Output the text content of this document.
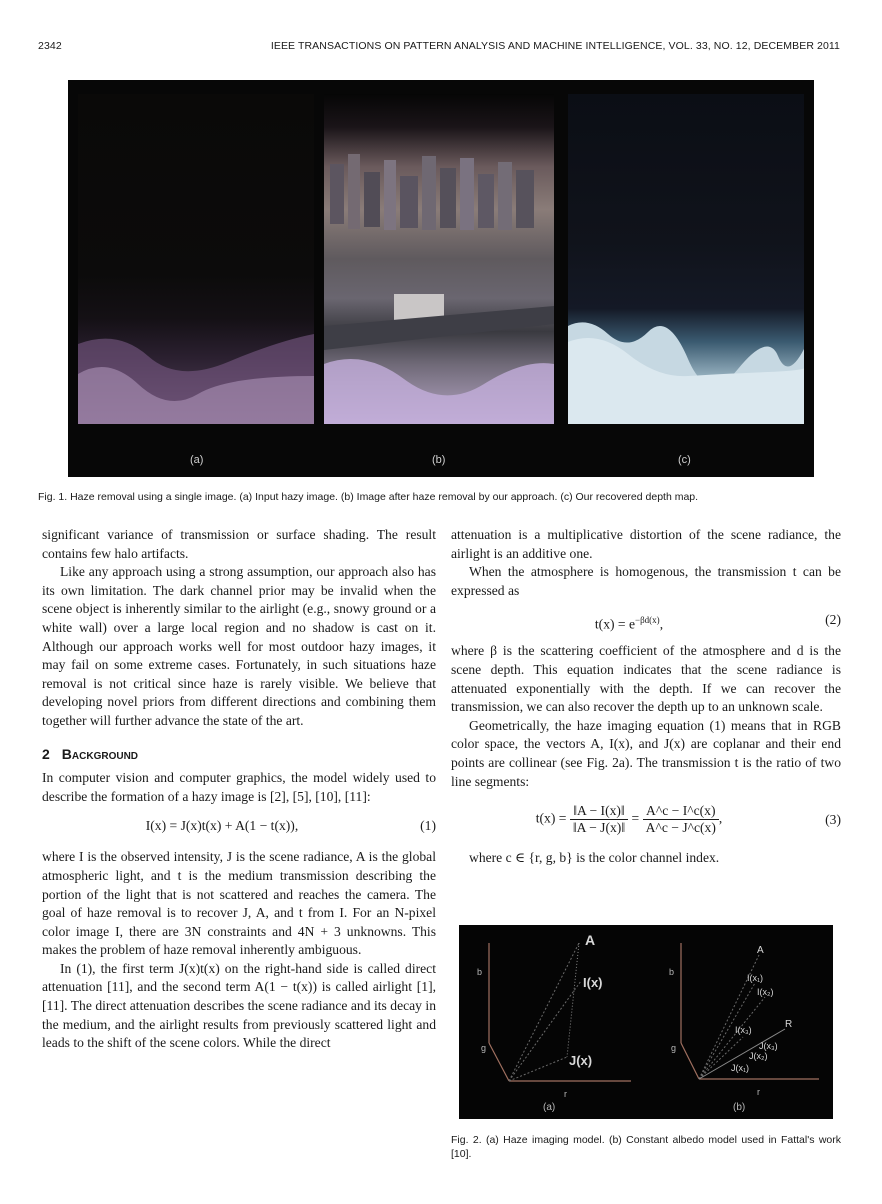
2342	IEEE TRANSACTIONS ON PATTERN ANALYSIS AND MACHINE INTELLIGENCE, VOL. 33, NO. 12, DECEMBER 2011
(a)	(b)	(c)
Fig. 1. Haze removal using a single image. (a) Input hazy image. (b) Image after haze removal by our approach. (c) Our recovered depth map.

significant variance of transmission or surface shading. The result contains few halo artifacts.

Like any approach using a strong assumption, our approach also has its own limitation. The dark channel prior may be invalid when the scene object is inherently similar to the airlight (e.g., snowy ground or a white wall) over a large local region and no shadow is cast on it. Although our approach works well for most outdoor hazy images, it may fail on some extreme cases. Fortunately, in such situations haze removal is not critical since haze is rarely visible. We believe that developing novel priors from different directions and combining them together will further advance the state of the art.

2 Background

In computer vision and computer graphics, the model widely used to describe the formation of a hazy image is [2], [5], [10], [11]:

I(x) = J(x)t(x) + A(1 − t(x)),	(1)

where I is the observed intensity, J is the scene radiance, A is the global atmospheric light, and t is the medium transmission describing the portion of the light that is not scattered and reaches the camera. The goal of haze removal is to recover J, A, and t from I. For an N-pixel color image I, there are 3N constraints and 4N + 3 unknowns. This makes the problem of haze removal inherently ambiguous.

In (1), the first term J(x)t(x) on the right-hand side is called direct attenuation [11], and the second term A(1 − t(x)) is called airlight [1], [11]. The direct attenuation describes the scene radiance and its decay in the medium, and the airlight results from previously scattered light and leads to the shift of the scene colors. While the direct

attenuation is a multiplicative distortion of the scene radiance, the airlight is an additive one.

When the atmosphere is homogenous, the transmission t can be expressed as

$t(x) = e^{-\beta d(x)}$,	(2)

where β is the scattering coefficient of the atmosphere and d is the scene depth. This equation indicates that the scene radiance is attenuated exponentially with the depth. If we can recover the transmission, we can also recover the depth up to an unknown scale.

Geometrically, the haze imaging equation (1) means that in RGB color space, the vectors A, I(x), and J(x) are coplanar and their end points are collinear (see Fig. 2a). The transmission t is the ratio of two line segments:

$t(x) = \frac{‖A - I(x)‖}{‖A - J(x)‖} = \frac{A\^{}c - I\^{}c(x)}{A\^{}c - J\^{}c(x)}$ ,	(3)

where c ∈ {r, g, b} is the color channel index.

A
I(x)
J(x)
b
g
r
(a)
A
I(x₁)
I(x₂)
I(x₃)	R
J(x₃)
J(x₂)
J(x₁)
b
g
r
(b)
Fig. 2. (a) Haze imaging model. (b) Constant albedo model used in Fattal's work [10].
